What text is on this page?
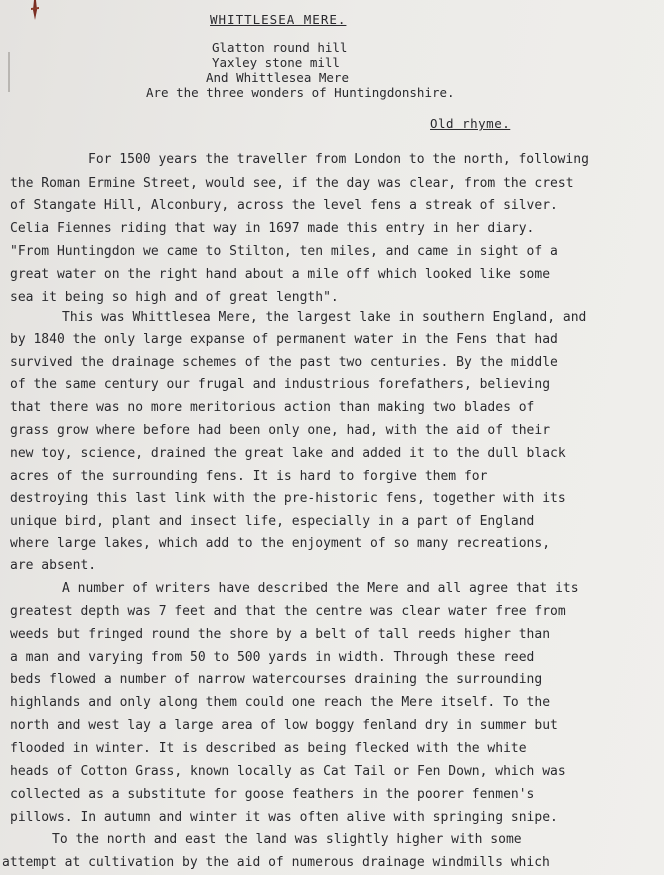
WHITTLESEA MERE.
Glatton round hill
Yaxley stone mill
And Whittlesea Mere
Are the three wonders of Huntingdonshire.
Old rhyme.
For 1500 years the traveller from London to the north, following
the Roman Ermine Street, would see, if the day was clear, from the crest
of Stangate Hill, Alconbury, across the level fens a streak of silver.
Celia Fiennes riding that way in 1697 made this entry in her diary.
"From Huntingdon we came to Stilton, ten miles, and came in sight of a
great water on the right hand about a mile off which looked like some
sea it being so high and of great length".
This was Whittlesea Mere, the largest lake in southern England, and
by 1840 the only large expanse of permanent water in the Fens that had
survived the drainage schemes of the past two centuries. By the middle
of the same century our frugal and industrious forefathers, believing
that there was no more meritorious action than making two blades of
grass grow where before had been only one, had, with the aid of their
new toy, science, drained the great lake and added it to the dull black
acres of the surrounding fens. It is hard to forgive them for
destroying this last link with the pre-historic fens, together with its
unique bird, plant and insect life, especially in a part of England
where large lakes, which add to the enjoyment of so many recreations,
are absent.
A number of writers have described the Mere and all agree that its
greatest depth was 7 feet and that the centre was clear water free from
weeds but fringed round the shore by a belt of tall reeds higher than
a man and varying from 50 to 500 yards in width. Through these reed
beds flowed a number of narrow watercourses draining the surrounding
highlands and only along them could one reach the Mere itself. To the
north and west lay a large area of low boggy fenland dry in summer but
flooded in winter. It is described as being flecked with the white
heads of Cotton Grass, known locally as Cat Tail or Fen Down, which was
collected as a substitute for goose feathers in the poorer fenmen's
pillows. In autumn and winter it was often alive with springing snipe.
To the north and east the land was slightly higher with some
attempt at cultivation by the aid of numerous drainage windmills which
